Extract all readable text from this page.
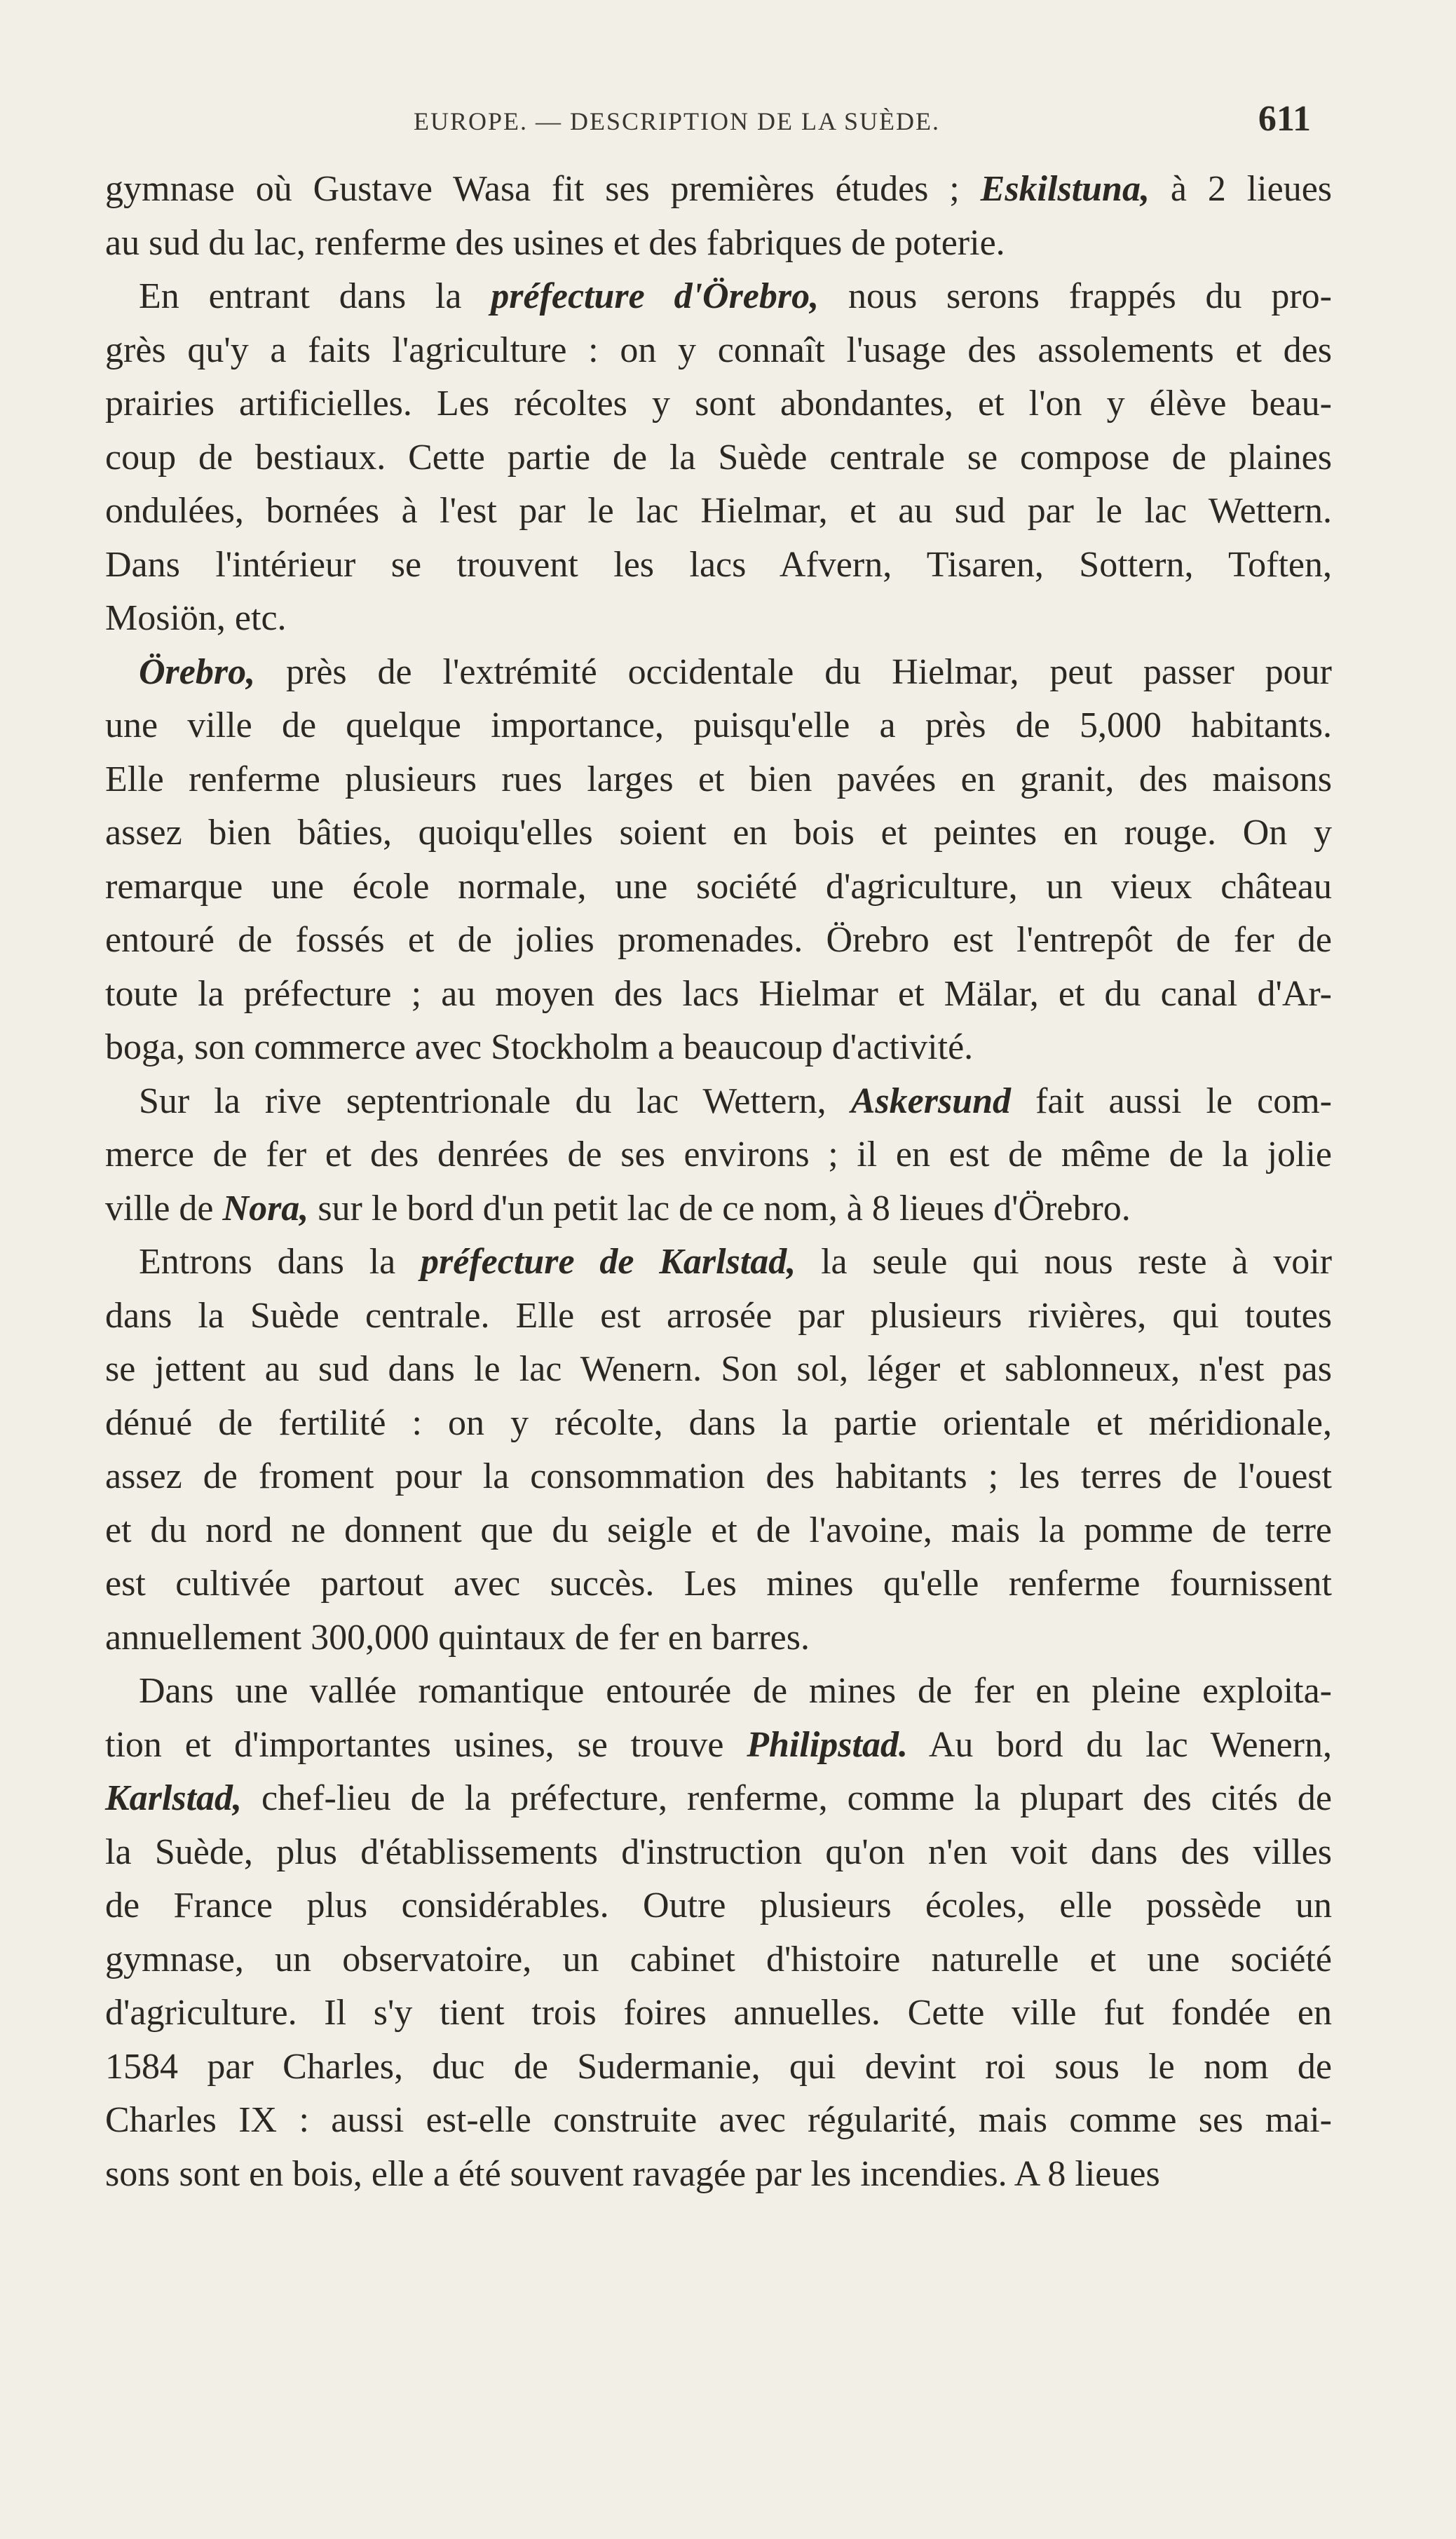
EUROPE. — DESCRIPTION DE LA SUÈDE.	611

gymnase où Gustave Wasa fit ses premières études ; Eskilstuna, à 2 lieues
au sud du lac, renferme des usines et des fabriques de poterie.

En entrant dans la préfecture d'Örebro, nous serons frappés du pro-
grès qu'y a faits l'agriculture : on y connaît l'usage des assolements et des
prairies artificielles. Les récoltes y sont abondantes, et l'on y élève beau-
coup de bestiaux. Cette partie de la Suède centrale se compose de plaines
ondulées, bornées à l'est par le lac Hielmar, et au sud par le lac Wettern.
Dans l'intérieur se trouvent les lacs Afvern, Tisaren, Sottern, Toften,
Mosiön, etc.

Örebro, près de l'extrémité occidentale du Hielmar, peut passer pour
une ville de quelque importance, puisqu'elle a près de 5,000 habitants.
Elle renferme plusieurs rues larges et bien pavées en granit, des maisons
assez bien bâties, quoiqu'elles soient en bois et peintes en rouge. On y
remarque une école normale, une société d'agriculture, un vieux château
entouré de fossés et de jolies promenades. Örebro est l'entrepôt de fer de
toute la préfecture ; au moyen des lacs Hielmar et Mälar, et du canal d'Ar-
boga, son commerce avec Stockholm a beaucoup d'activité.

Sur la rive septentrionale du lac Wettern, Askersund fait aussi le com-
merce de fer et des denrées de ses environs ; il en est de même de la jolie
ville de Nora, sur le bord d'un petit lac de ce nom, à 8 lieues d'Örebro.

Entrons dans la préfecture de Karlstad, la seule qui nous reste à voir
dans la Suède centrale. Elle est arrosée par plusieurs rivières, qui toutes
se jettent au sud dans le lac Wenern. Son sol, léger et sablonneux, n'est pas
dénué de fertilité : on y récolte, dans la partie orientale et méridionale,
assez de froment pour la consommation des habitants ; les terres de l'ouest
et du nord ne donnent que du seigle et de l'avoine, mais la pomme de terre
est cultivée partout avec succès. Les mines qu'elle renferme fournissent
annuellement 300,000 quintaux de fer en barres.

Dans une vallée romantique entourée de mines de fer en pleine exploita-
tion et d'importantes usines, se trouve Philipstad. Au bord du lac Wenern,
Karlstad, chef-lieu de la préfecture, renferme, comme la plupart des cités de
la Suède, plus d'établissements d'instruction qu'on n'en voit dans des villes
de France plus considérables. Outre plusieurs écoles, elle possède un
gymnase, un observatoire, un cabinet d'histoire naturelle et une société
d'agriculture. Il s'y tient trois foires annuelles. Cette ville fut fondée en
1584 par Charles, duc de Sudermanie, qui devint roi sous le nom de
Charles IX : aussi est-elle construite avec régularité, mais comme ses mai-
sons sont en bois, elle a été souvent ravagée par les incendies. A 8 lieues
